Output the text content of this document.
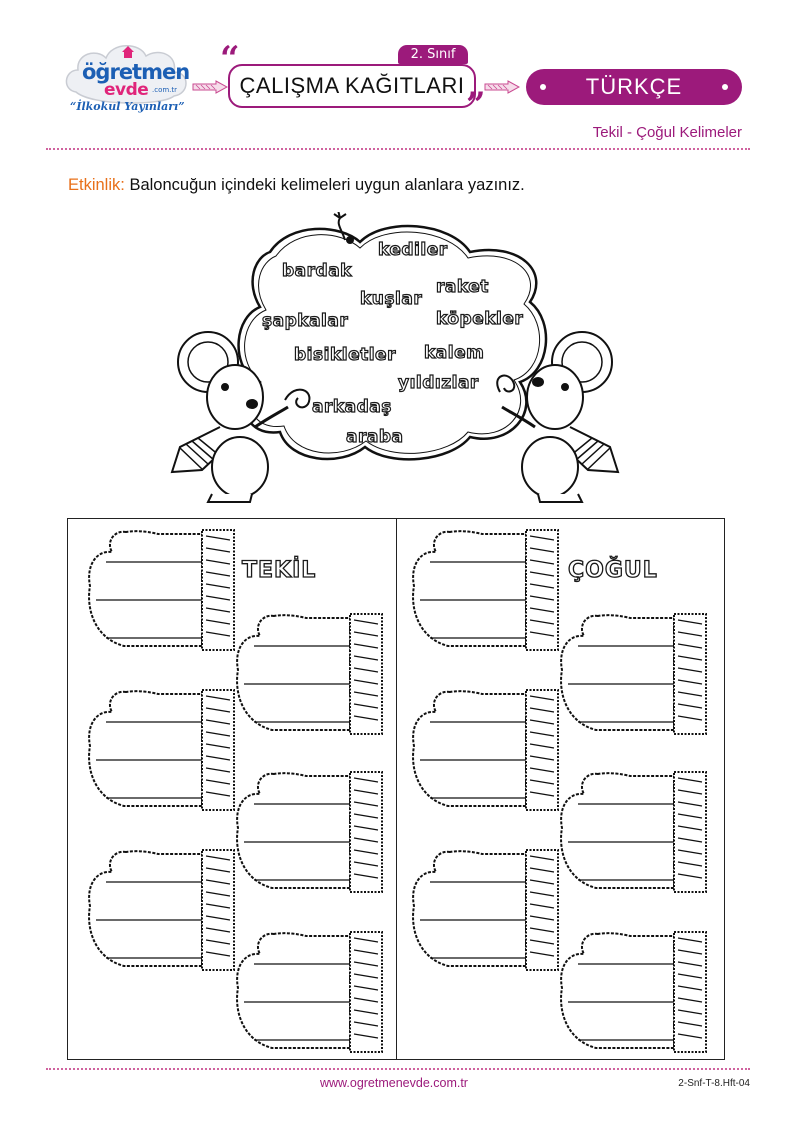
öğretmen
evde .com.tr
“İlkokul Yayınları”
2. Sınıf
“
ÇALIŞMA KAĞITLARI ”	TÜRKÇE
Tekil - Çoğul Kelimeler
Etkinlik: Baloncuğun içindeki kelimeleri uygun alanlara yazınız.
kediler
bardak
raket
kuşlar
şapkalar	köpekler
bisikletler kalem
yıldızlar
arkadaş
araba
TEKİL	ÇOĞUL
www.ogretmenevde.com.tr	2-Snf-T-8.Hft-04
